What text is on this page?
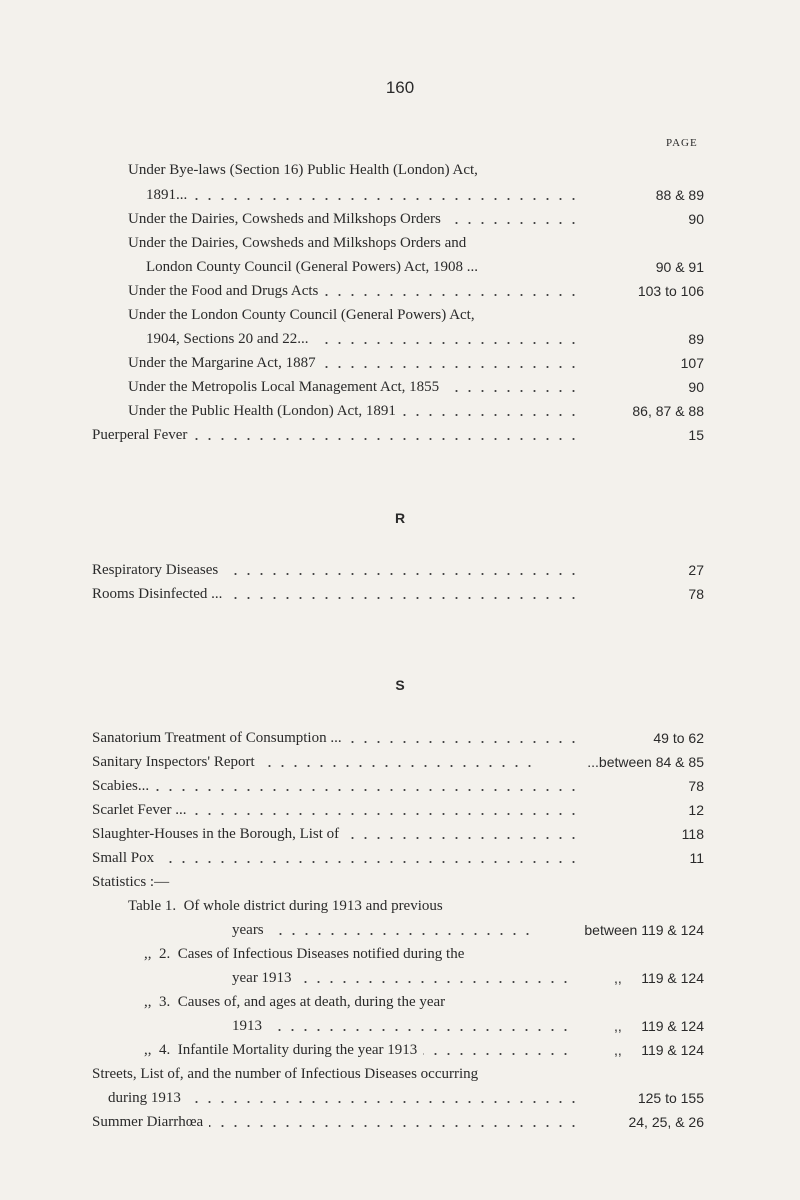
160
PAGE
Under Bye-laws (Section 16) Public Health (London) Act,
1891...	88 & 89
Under the Dairies, Cowsheds and Milkshops Orders	90
Under the Dairies, Cowsheds and Milkshops Orders and
London County Council (General Powers) Act, 1908 ...	90 & 91
Under the Food and Drugs Acts	103 to 106
Under the London County Council (General Powers) Act,
1904, Sections 20 and 22...	89
Under the Margarine Act, 1887	107
Under the Metropolis Local Management Act, 1855	90
Under the Public Health (London) Act, 1891	86, 87 & 88
Puerperal Fever	15
R
Respiratory Diseases	27
Rooms Disinfected ...	78
S
Sanatorium Treatment of Consumption ...	49 to 62
Sanitary Inspectors' Report	...between 84 & 85
Scabies...	78
Scarlet Fever ...	12
Slaughter-Houses in the Borough, List of	118
Small Pox	11
Statistics :—
Table 1.  Of whole district during 1913 and previous
years	between 119 & 124
,,  2.  Cases of Infectious Diseases notified during the
year 1913	,,     119 & 124
,,  3.  Causes of, and ages at death, during the year
1913	,,     119 & 124
,,  4.  Infantile Mortality during the year 1913	,,     119 & 124
Streets, List of, and the number of Infectious Diseases occurring
during 1913	125 to 155
Summer Diarrhœa	24, 25, & 26
